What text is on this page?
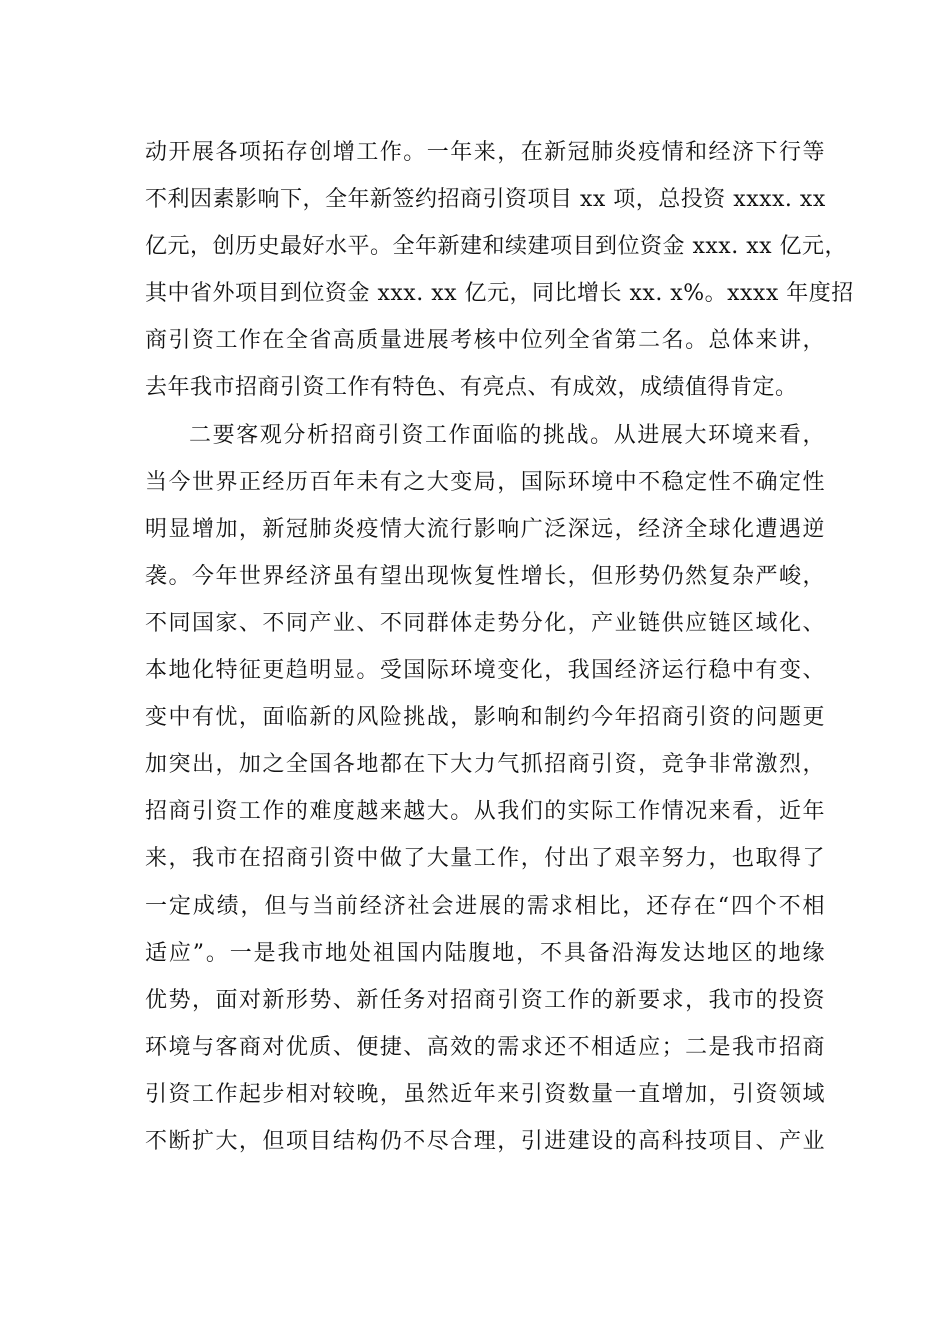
动开展各项拓存创增工作。一年来，在新冠肺炎疫情和经济下行等
不利因素影响下，全年新签约招商引资项目 xx 项，总投资 xxxx. xx
亿元，创历史最好水平。全年新建和续建项目到位资金 xxx. xx 亿元，
其中省外项目到位资金 xxx. xx 亿元，同比增长 xx. x%。xxxx 年度招
商引资工作在全省高质量进展考核中位列全省第二名。总体来讲，
去年我市招商引资工作有特色、有亮点、有成效，成绩值得肯定。
二要客观分析招商引资工作面临的挑战。从进展大环境来看，
当今世界正经历百年未有之大变局，国际环境中不稳定性不确定性
明显增加，新冠肺炎疫情大流行影响广泛深远，经济全球化遭遇逆
袭。今年世界经济虽有望出现恢复性增长，但形势仍然复杂严峻，
不同国家、不同产业、不同群体走势分化，产业链供应链区域化、
本地化特征更趋明显。受国际环境变化，我国经济运行稳中有变、
变中有忧，面临新的风险挑战，影响和制约今年招商引资的问题更
加突出，加之全国各地都在下大力气抓招商引资，竞争非常激烈，
招商引资工作的难度越来越大。从我们的实际工作情况来看，近年
来，我市在招商引资中做了大量工作，付出了艰辛努力，也取得了
一定成绩，但与当前经济社会进展的需求相比，还存在“四个不相
适应”。一是我市地处祖国内陆腹地，不具备沿海发达地区的地缘
优势，面对新形势、新任务对招商引资工作的新要求，我市的投资
环境与客商对优质、便捷、高效的需求还不相适应；二是我市招商
引资工作起步相对较晚，虽然近年来引资数量一直增加，引资领域
不断扩大，但项目结构仍不尽合理，引进建设的高科技项目、产业
